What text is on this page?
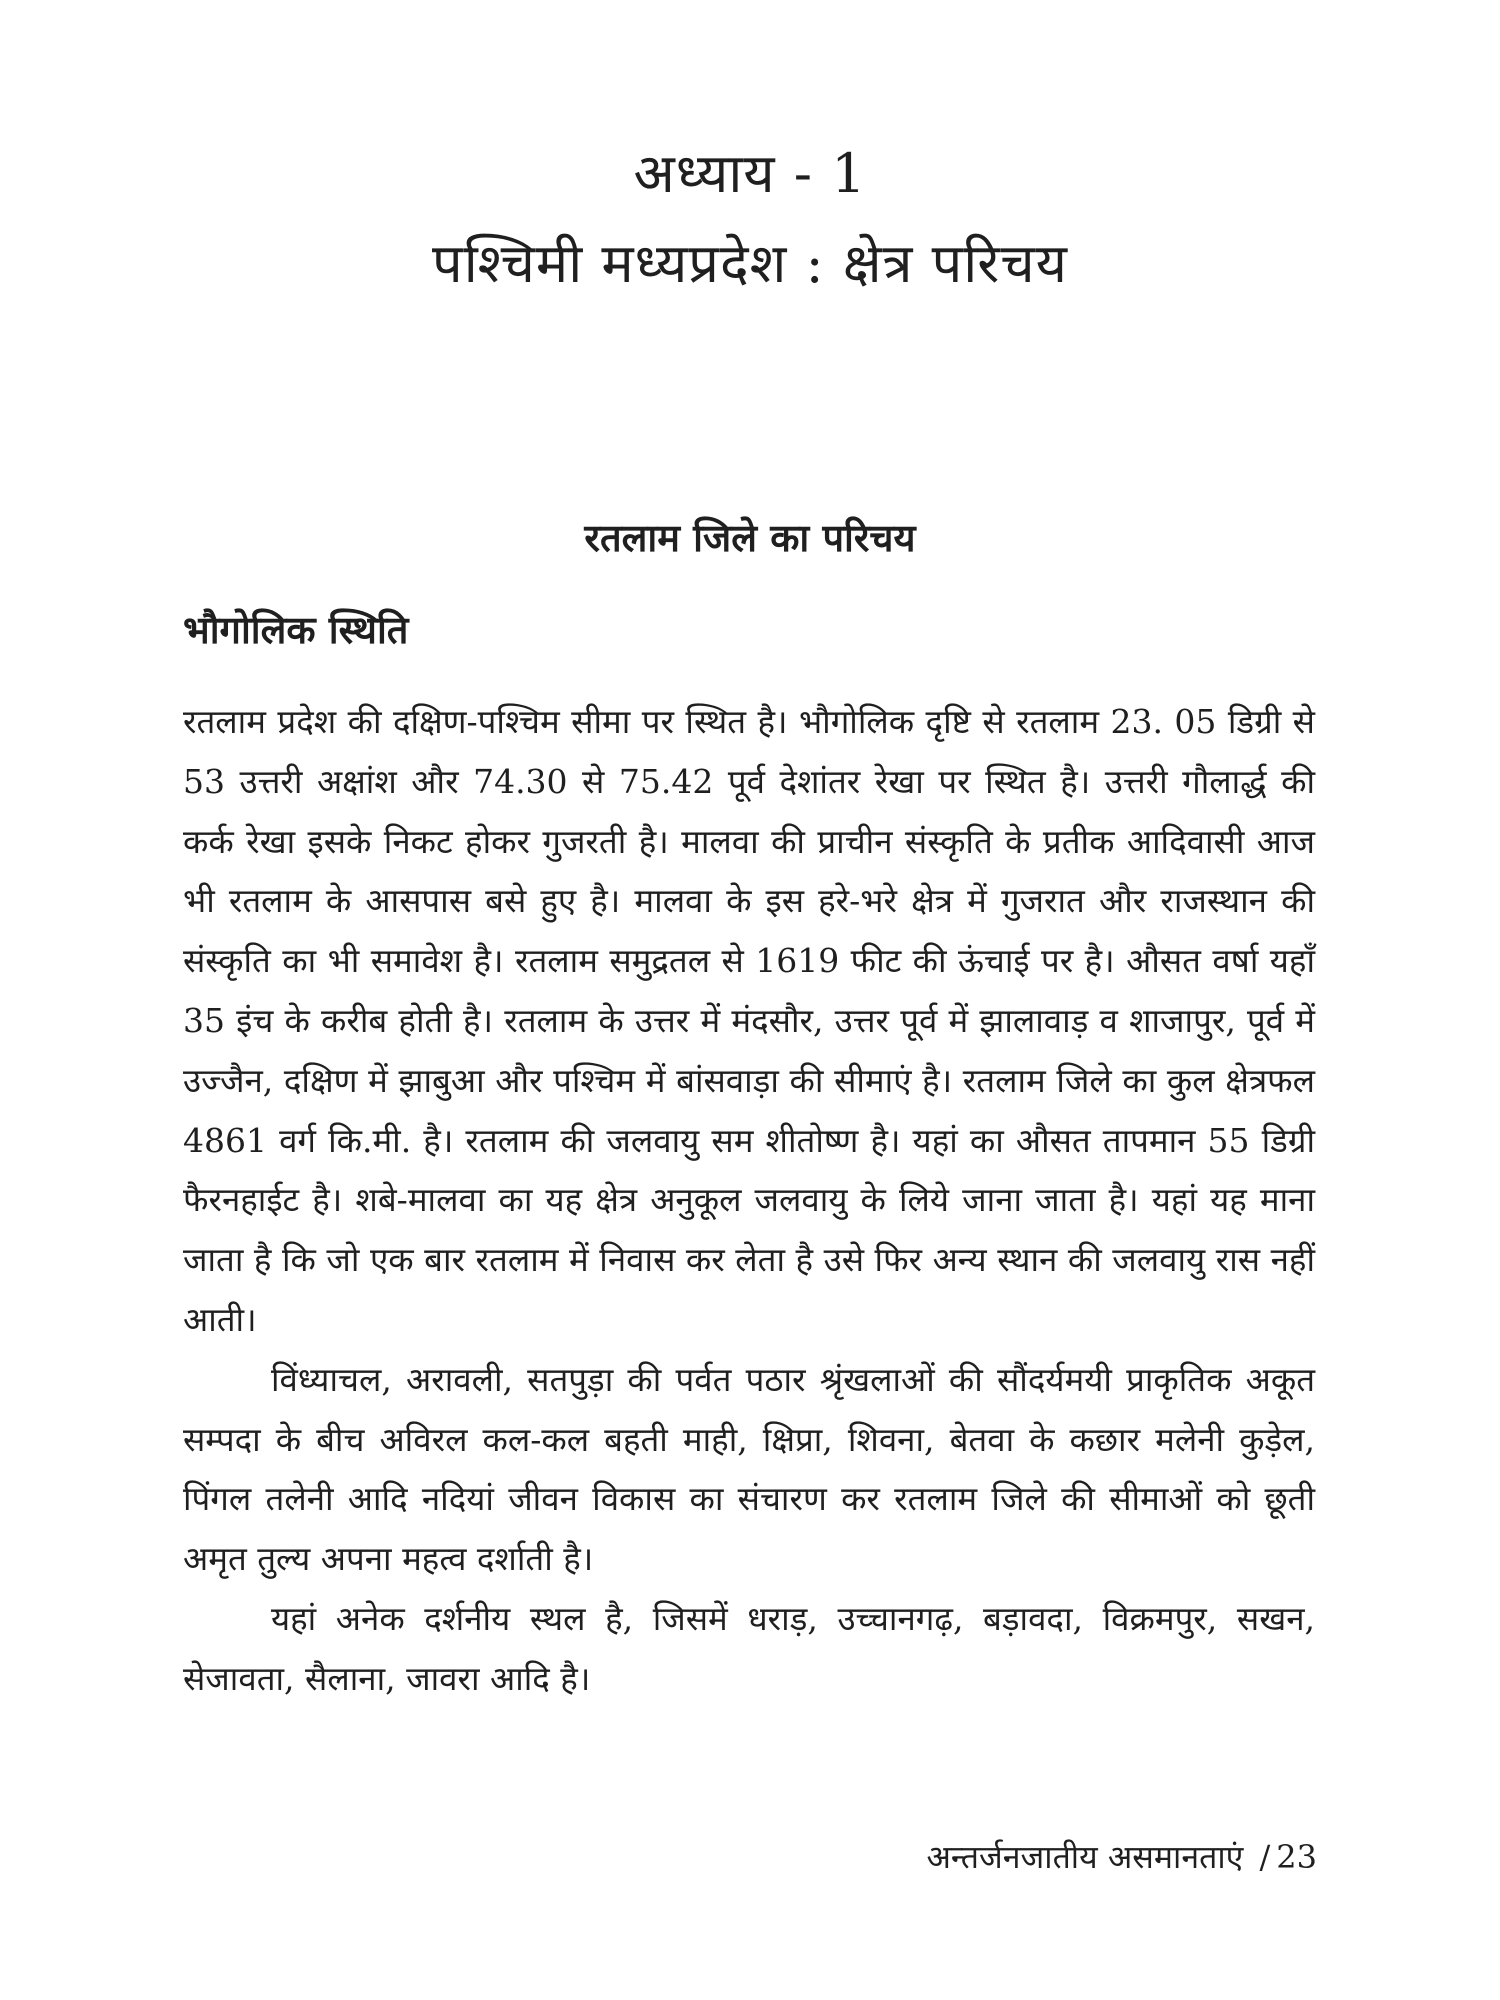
अध्याय - 1
पश्चिमी मध्यप्रदेश : क्षेत्र परिचय
रतलाम जिले का परिचय
भौगोलिक स्थिति

रतलाम प्रदेश की दक्षिण-पश्चिम सीमा पर स्थित है। भौगोलिक दृष्टि से रतलाम 23. 05 डिग्री से 53 उत्तरी अक्षांश और 74.30 से 75.42 पूर्व देशांतर रेखा पर स्थित है। उत्तरी गौलार्द्ध की कर्क रेखा इसके निकट होकर गुजरती है। मालवा की प्राचीन संस्कृति के प्रतीक आदिवासी आज भी रतलाम के आसपास बसे हुए है। मालवा के इस हरे-भरे क्षेत्र में गुजरात और राजस्थान की संस्कृति का भी समावेश है। रतलाम समुद्रतल से 1619 फीट की ऊंचाई पर है। औसत वर्षा यहाँ 35 इंच के करीब होती है। रतलाम के उत्तर में मंदसौर, उत्तर पूर्व में झालावाड़ व शाजापुर, पूर्व में उज्जैन, दक्षिण में झाबुआ और पश्चिम में बांसवाड़ा की सीमाएं है। रतलाम जिले का कुल क्षेत्रफल 4861 वर्ग कि.मी. है। रतलाम की जलवायु सम शीतोष्ण है। यहां का औसत तापमान 55 डिग्री फैरनहाईट है। शबे-मालवा का यह क्षेत्र अनुकूल जलवायु के लिये जाना जाता है। यहां यह माना जाता है कि जो एक बार रतलाम में निवास कर लेता है उसे फिर अन्य स्थान की जलवायु रास नहीं आती।

विंध्याचल, अरावली, सतपुड़ा की पर्वत पठार श्रृंखलाओं की सौंदर्यमयी प्राकृतिक अकूत सम्पदा के बीच अविरल कल-कल बहती माही, क्षिप्रा, शिवना, बेतवा के कछार मलेनी कुड़ेल, पिंगल तलेनी आदि नदियां जीवन विकास का संचारण कर रतलाम जिले की सीमाओं को छूती अमृत तुल्य अपना महत्व दर्शाती है।

यहां अनेक दर्शनीय स्थल है, जिसमें धराड़, उच्चानगढ़, बड़ावदा, विक्रमपुर, सखन, सेजावता, सैलाना, जावरा आदि है।

अन्तर्जनजातीय असमानताएं / 23
